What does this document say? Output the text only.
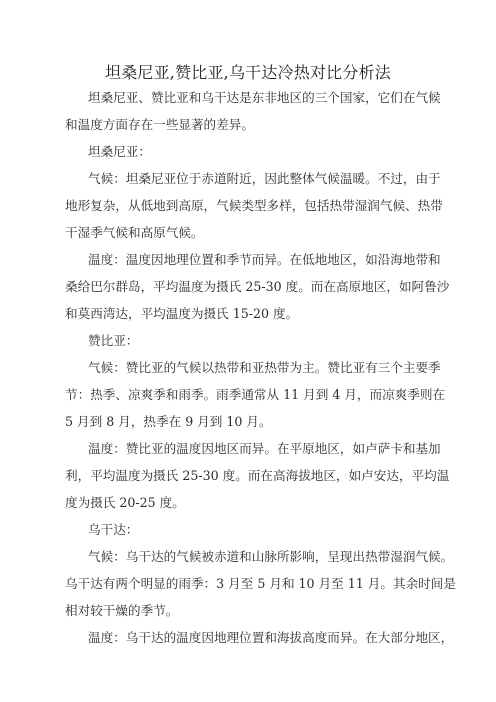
坦桑尼亚,赞比亚,乌干达冷热对比分析法
坦桑尼亚、赞比亚和乌干达是东非地区的三个国家，它们在气候
和温度方面存在一些显著的差异。
坦桑尼亚：
气候：坦桑尼亚位于赤道附近，因此整体气候温暖。不过，由于
地形复杂，从低地到高原，气候类型多样，包括热带湿润气候、热带
干湿季气候和高原气候。
温度：温度因地理位置和季节而异。在低地地区，如沿海地带和
桑给巴尔群岛，平均温度为摄氏 25-30 度。而在高原地区，如阿鲁沙
和莫西湾达，平均温度为摄氏 15-20 度。
赞比亚：
气候：赞比亚的气候以热带和亚热带为主。赞比亚有三个主要季
节：热季、凉爽季和雨季。雨季通常从 11 月到 4 月，而凉爽季则在
5 月到 8 月，热季在 9 月到 10 月。
温度：赞比亚的温度因地区而异。在平原地区，如卢萨卡和基加
利，平均温度为摄氏 25-30 度。而在高海拔地区，如卢安达，平均温
度为摄氏 20-25 度。
乌干达：
气候：乌干达的气候被赤道和山脉所影响，呈现出热带湿润气候。
乌干达有两个明显的雨季：3 月至 5 月和 10 月至 11 月。其余时间是
相对较干燥的季节。
温度：乌干达的温度因地理位置和海拔高度而异。在大部分地区，
